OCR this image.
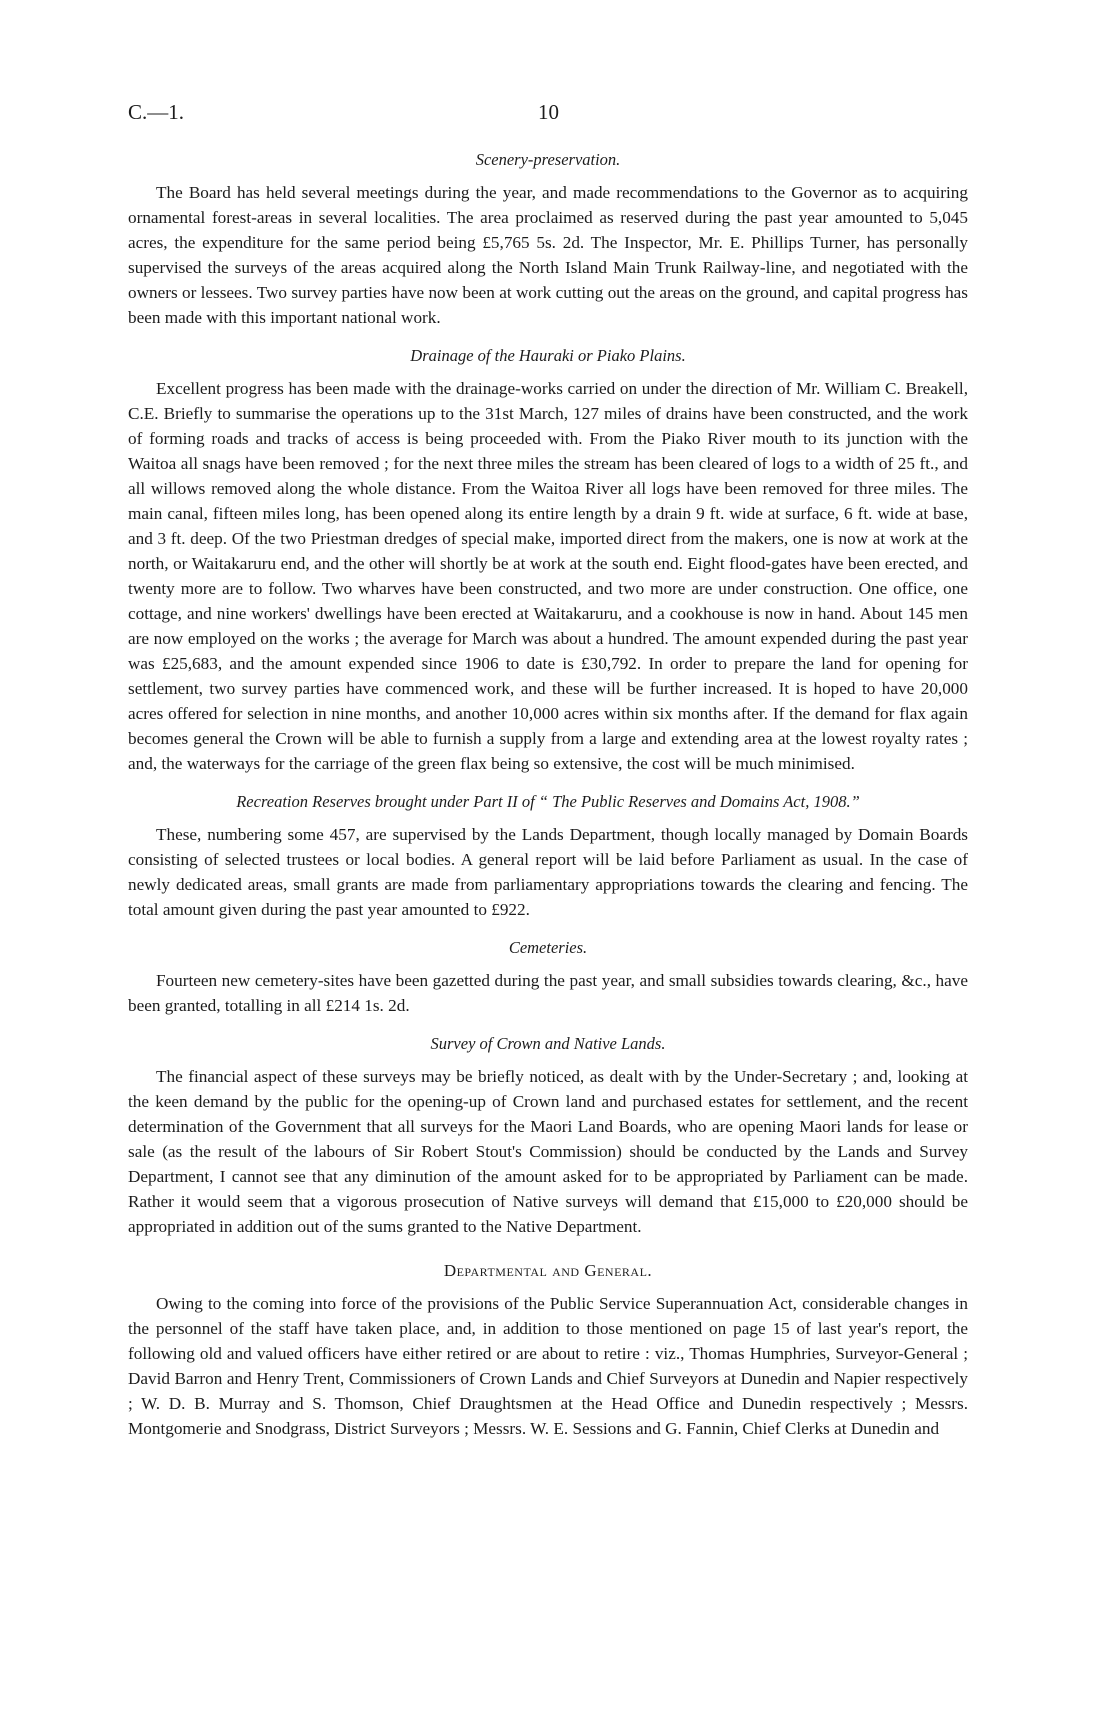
C.—1.	10
Scenery-preservation.

The Board has held several meetings during the year, and made recommendations to the Governor as to acquiring ornamental forest-areas in several localities. The area proclaimed as reserved during the past year amounted to 5,045 acres, the expenditure for the same period being £5,765 5s. 2d. The Inspector, Mr. E. Phillips Turner, has personally supervised the surveys of the areas acquired along the North Island Main Trunk Railway-line, and negotiated with the owners or lessees. Two survey parties have now been at work cutting out the areas on the ground, and capital progress has been made with this important national work.

Drainage of the Hauraki or Piako Plains.

Excellent progress has been made with the drainage-works carried on under the direction of Mr. William C. Breakell, C.E. Briefly to summarise the operations up to the 31st March, 127 miles of drains have been constructed, and the work of forming roads and tracks of access is being proceeded with. From the Piako River mouth to its junction with the Waitoa all snags have been removed ; for the next three miles the stream has been cleared of logs to a width of 25 ft., and all willows removed along the whole distance. From the Waitoa River all logs have been removed for three miles. The main canal, fifteen miles long, has been opened along its entire length by a drain 9 ft. wide at surface, 6 ft. wide at base, and 3 ft. deep. Of the two Priestman dredges of special make, imported direct from the makers, one is now at work at the north, or Waitakaruru end, and the other will shortly be at work at the south end. Eight flood-gates have been erected, and twenty more are to follow. Two wharves have been constructed, and two more are under construction. One office, one cottage, and nine workers' dwellings have been erected at Waitakaruru, and a cookhouse is now in hand. About 145 men are now employed on the works ; the average for March was about a hundred. The amount expended during the past year was £25,683, and the amount expended since 1906 to date is £30,792. In order to prepare the land for opening for settlement, two survey parties have commenced work, and these will be further increased. It is hoped to have 20,000 acres offered for selection in nine months, and another 10,000 acres within six months after. If the demand for flax again becomes general the Crown will be able to furnish a supply from a large and extending area at the lowest royalty rates ; and, the waterways for the carriage of the green flax being so extensive, the cost will be much minimised.

Recreation Reserves brought under Part II of “ The Public Reserves and Domains Act, 1908.”

These, numbering some 457, are supervised by the Lands Department, though locally managed by Domain Boards consisting of selected trustees or local bodies. A general report will be laid before Parliament as usual. In the case of newly dedicated areas, small grants are made from parliamentary appropriations towards the clearing and fencing. The total amount given during the past year amounted to £922.

Cemeteries.

Fourteen new cemetery-sites have been gazetted during the past year, and small subsidies towards clearing, &c., have been granted, totalling in all £214 1s. 2d.

Survey of Crown and Native Lands.

The financial aspect of these surveys may be briefly noticed, as dealt with by the Under-Secretary ; and, looking at the keen demand by the public for the opening-up of Crown land and purchased estates for settlement, and the recent determination of the Government that all surveys for the Maori Land Boards, who are opening Maori lands for lease or sale (as the result of the labours of Sir Robert Stout's Commission) should be conducted by the Lands and Survey Department, I cannot see that any diminution of the amount asked for to be appropriated by Parliament can be made. Rather it would seem that a vigorous prosecution of Native surveys will demand that £15,000 to £20,000 should be appropriated in addition out of the sums granted to the Native Department.

Departmental and General.

Owing to the coming into force of the provisions of the Public Service Superannuation Act, considerable changes in the personnel of the staff have taken place, and, in addition to those mentioned on page 15 of last year's report, the following old and valued officers have either retired or are about to retire : viz., Thomas Humphries, Surveyor-General ; David Barron and Henry Trent, Commissioners of Crown Lands and Chief Surveyors at Dunedin and Napier respectively ; W. D. B. Murray and S. Thomson, Chief Draughtsmen at the Head Office and Dunedin respectively ; Messrs. Montgomerie and Snodgrass, District Surveyors ; Messrs. W. E. Sessions and G. Fannin, Chief Clerks at Dunedin and
